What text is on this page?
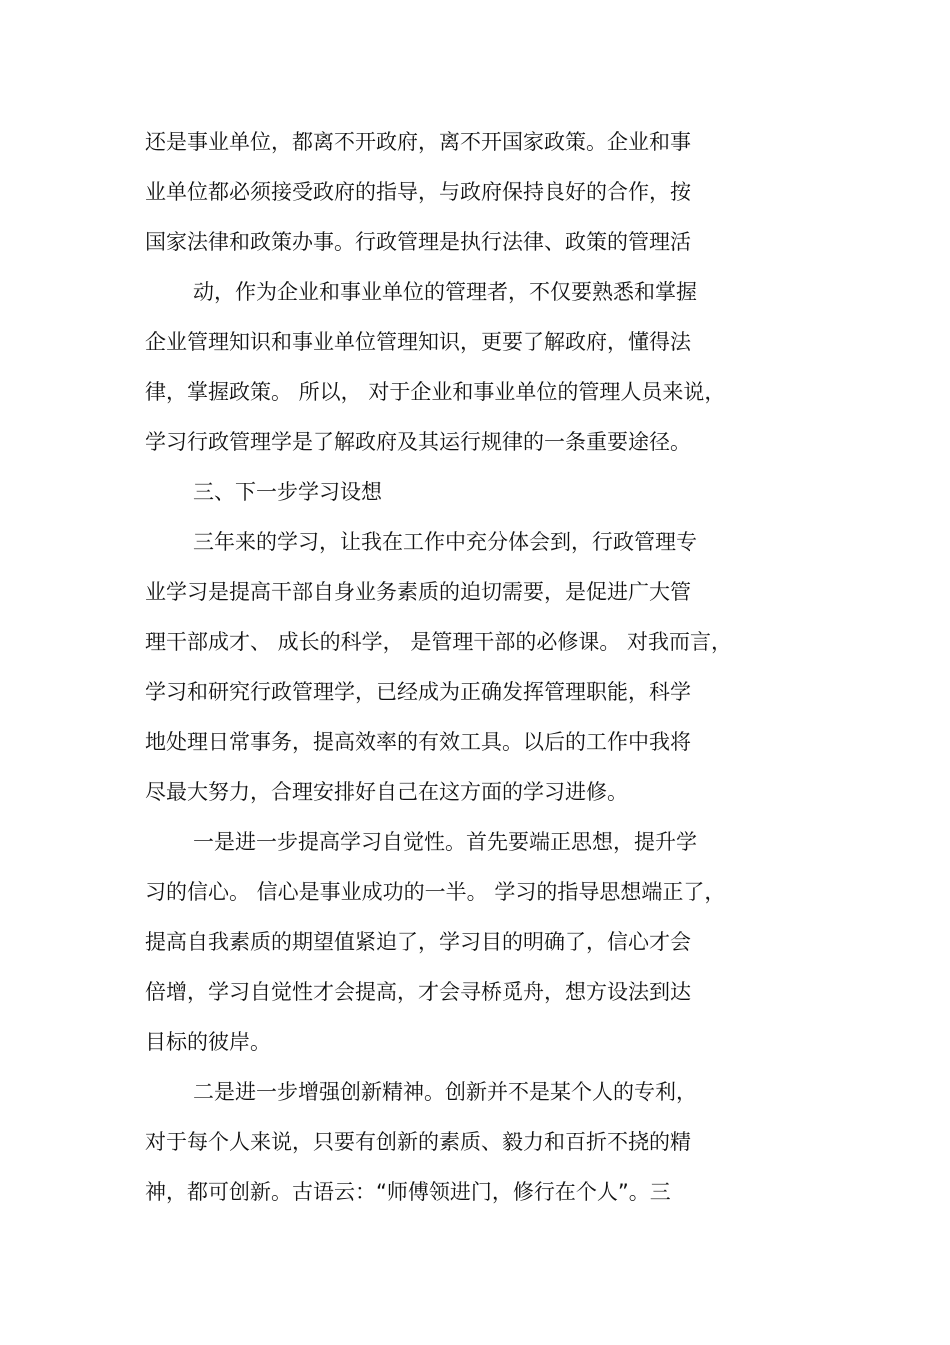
还是事业单位，都离不开政府，离不开国家政策。企业和事

业单位都必须接受政府的指导，与政府保持良好的合作，按

国家法律和政策办事。行政管理是执行法律、政策的管理活

动，作为企业和事业单位的管理者，不仅要熟悉和掌握

企业管理知识和事业单位管理知识，更要了解政府，懂得法

律，掌握政策。 所以， 对于企业和事业单位的管理人员来说，

学习行政管理学是了解政府及其运行规律的一条重要途径。

三、下一步学习设想

三年来的学习，让我在工作中充分体会到，行政管理专

业学习是提高干部自身业务素质的迫切需要，是促进广大管

理干部成才、 成长的科学， 是管理干部的必修课。 对我而言，

学习和研究行政管理学，已经成为正确发挥管理职能，科学

地处理日常事务，提高效率的有效工具。以后的工作中我将

尽最大努力，合理安排好自己在这方面的学习进修。

一是进一步提高学习自觉性。首先要端正思想，提升学

习的信心。 信心是事业成功的一半。 学习的指导思想端正了，

提高自我素质的期望值紧迫了，学习目的明确了，信心才会

倍增，学习自觉性才会提高，才会寻桥觅舟，想方设法到达

目标的彼岸。

二是进一步增强创新精神。创新并不是某个人的专利，

对于每个人来说，只要有创新的素质、毅力和百折不挠的精

神，都可创新。古语云：“师傅领进门，修行在个人”。三
